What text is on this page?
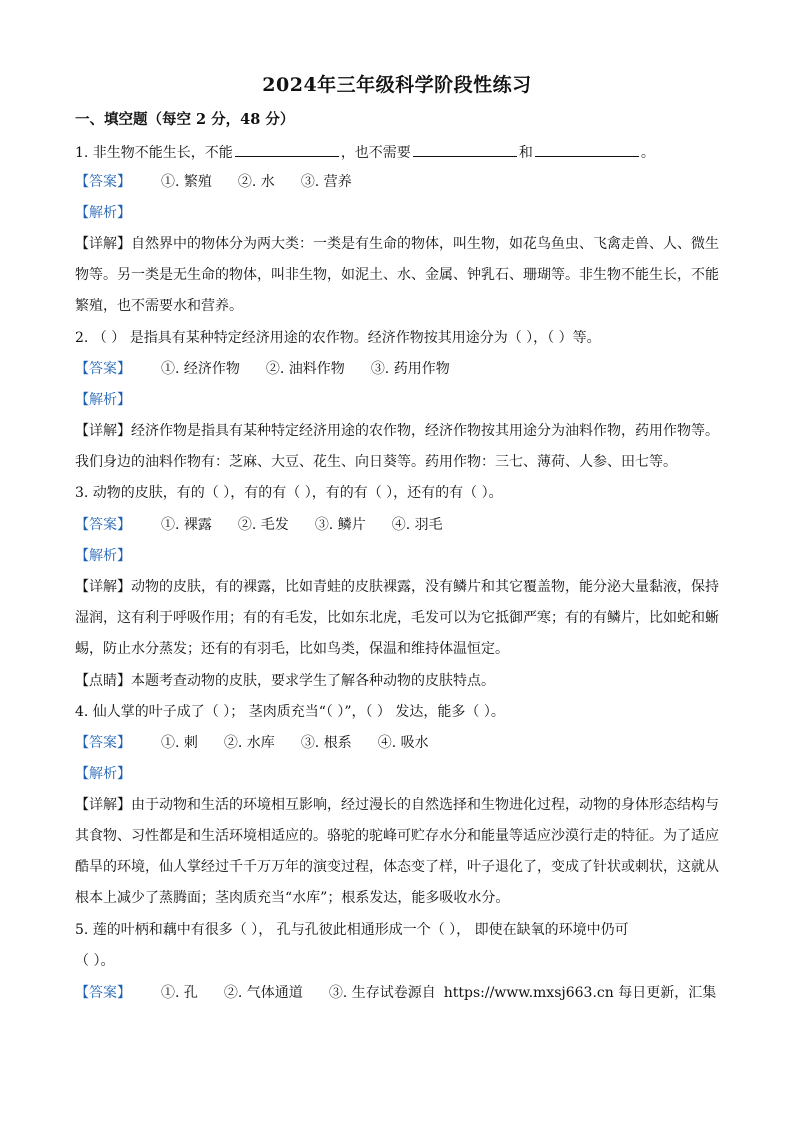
2024年三年级科学阶段性练习
一、填空题（每空 2 分，48 分）
1. 非生物不能生长，不能	，也不需要	和	。
【答案】	①. 繁殖 ②. 水 ③. 营养
【解析】
【详解】自然界中的物体分为两大类：一类是有生命的物体，叫生物，如花鸟鱼虫、飞禽走兽、人、微生
物等。另一类是无生命的物体，叫非生物，如泥土、水、金属、钟乳石、珊瑚等。非生物不能生长，不能
繁殖，也不需要水和营养。
2. （ ） 是指具有某种特定经济用途的农作物。经济作物按其用途分为（ ），（ ）等。
【答案】	①. 经济作物 ②. 油料作物 ③. 药用作物
【解析】
【详解】经济作物是指具有某种特定经济用途的农作物，经济作物按其用途分为油料作物，药用作物等。
我们身边的油料作物有：芝麻、大豆、花生、向日葵等。药用作物：三七、薄荷、人参、田七等。
3. 动物的皮肤，有的（ ），有的有（ ），有的有（ ），还有的有（ ）。
【答案】	①. 裸露 ②. 毛发 ③. 鳞片 ④. 羽毛
【解析】
【详解】动物的皮肤，有的裸露，比如青蛙的皮肤裸露，没有鳞片和其它覆盖物，能分泌大量黏液，保持
湿润，这有利于呼吸作用；有的有毛发，比如东北虎，毛发可以为它抵御严寒；有的有鳞片，比如蛇和蜥
蜴，防止水分蒸发；还有的有羽毛，比如鸟类，保温和维持体温恒定。
【点睛】本题考查动物的皮肤，要求学生了解各种动物的皮肤特点。
4. 仙人掌的叶子成了（ ）； 茎肉质充当“（ ）”，（ ） 发达，能多（ ）。
【答案】	①. 刺 ②. 水库 ③. 根系 ④. 吸水
【解析】
【详解】由于动物和生活的环境相互影响，经过漫长的自然选择和生物进化过程，动物的身体形态结构与
其食物、习性都是和生活环境相适应的。骆驼的驼峰可贮存水分和能量等适应沙漠行走的特征。为了适应
酷旱的环境，仙人掌经过千千万万年的演变过程，体态变了样，叶子退化了，变成了针状或刺状，这就从
根本上减少了蒸腾面；茎肉质充当“水库”；根系发达，能多吸收水分。
5. 莲的叶柄和藕中有很多（ ）， 孔与孔彼此相通形成一个（ ）， 即使在缺氧的环境中仍可
（ ）。
【答案】	①. 孔 ②. 气体通道 ③. 生存试卷源自 https://www.mxsj663.cn 每日更新，汇集
